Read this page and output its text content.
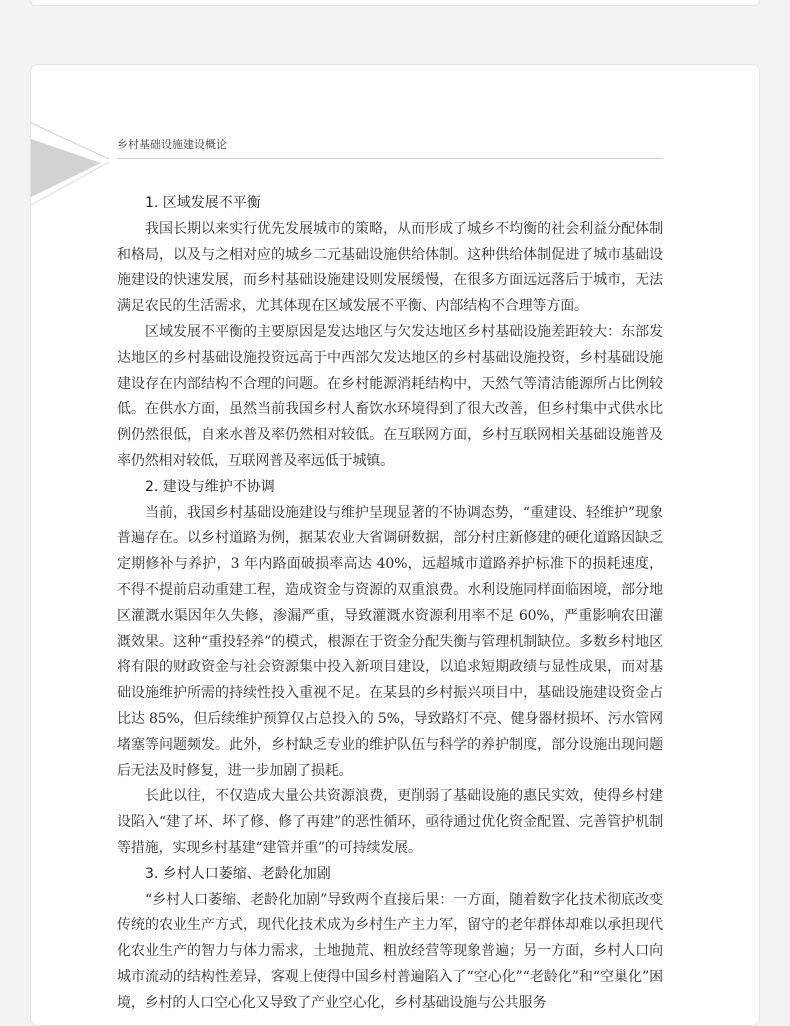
乡村基础设施建设概论
1. 区域发展不平衡

我国长期以来实行优先发展城市的策略，从而形成了城乡不均衡的社会利益分配体制和格局，以及与之相对应的城乡二元基础设施供给体制。这种供给体制促进了城市基础设施建设的快速发展，而乡村基础设施建设则发展缓慢，在很多方面远远落后于城市，无法满足农民的生活需求，尤其体现在区域发展不平衡、内部结构不合理等方面。

区域发展不平衡的主要原因是发达地区与欠发达地区乡村基础设施差距较大：东部发达地区的乡村基础设施投资远高于中西部欠发达地区的乡村基础设施投资，乡村基础设施建设存在内部结构不合理的问题。在乡村能源消耗结构中，天然气等清洁能源所占比例较低。在供水方面，虽然当前我国乡村人畜饮水环境得到了很大改善，但乡村集中式供水比例仍然很低，自来水普及率仍然相对较低。在互联网方面，乡村互联网相关基础设施普及率仍然相对较低，互联网普及率远低于城镇。

2. 建设与维护不协调

当前，我国乡村基础设施建设与维护呈现显著的不协调态势，“重建设、轻维护”现象普遍存在。以乡村道路为例，据某农业大省调研数据，部分村庄新修建的硬化道路因缺乏定期修补与养护，3 年内路面破损率高达 40%，远超城市道路养护标准下的损耗速度，不得不提前启动重建工程，造成资金与资源的双重浪费。水利设施同样面临困境，部分地区灌溉水渠因年久失修，渗漏严重，导致灌溉水资源利用率不足 60%，严重影响农田灌溉效果。这种“重投轻养”的模式，根源在于资金分配失衡与管理机制缺位。多数乡村地区将有限的财政资金与社会资源集中投入新项目建设，以追求短期政绩与显性成果，而对基础设施维护所需的持续性投入重视不足。在某县的乡村振兴项目中，基础设施建设资金占比达 85%，但后续维护预算仅占总投入的 5%，导致路灯不亮、健身器材损坏、污水管网堵塞等问题频发。此外，乡村缺乏专业的维护队伍与科学的养护制度，部分设施出现问题后无法及时修复，进一步加剧了损耗。

长此以往，不仅造成大量公共资源浪费，更削弱了基础设施的惠民实效，使得乡村建设陷入“建了坏、坏了修、修了再建”的恶性循环，亟待通过优化资金配置、完善管护机制等措施，实现乡村基建“建管并重”的可持续发展。

3. 乡村人口萎缩、老龄化加剧

“乡村人口萎缩、老龄化加剧”导致两个直接后果：一方面，随着数字化技术彻底改变传统的农业生产方式，现代化技术成为乡村生产主力军，留守的老年群体却难以承担现代化农业生产的智力与体力需求，土地抛荒、粗放经营等现象普遍；另一方面，乡村人口向城市流动的结构性差异，客观上使得中国乡村普遍陷入了“空心化”“老龄化”和“空巢化”困境，乡村的人口空心化又导致了产业空心化，乡村基础设施与公共服务
